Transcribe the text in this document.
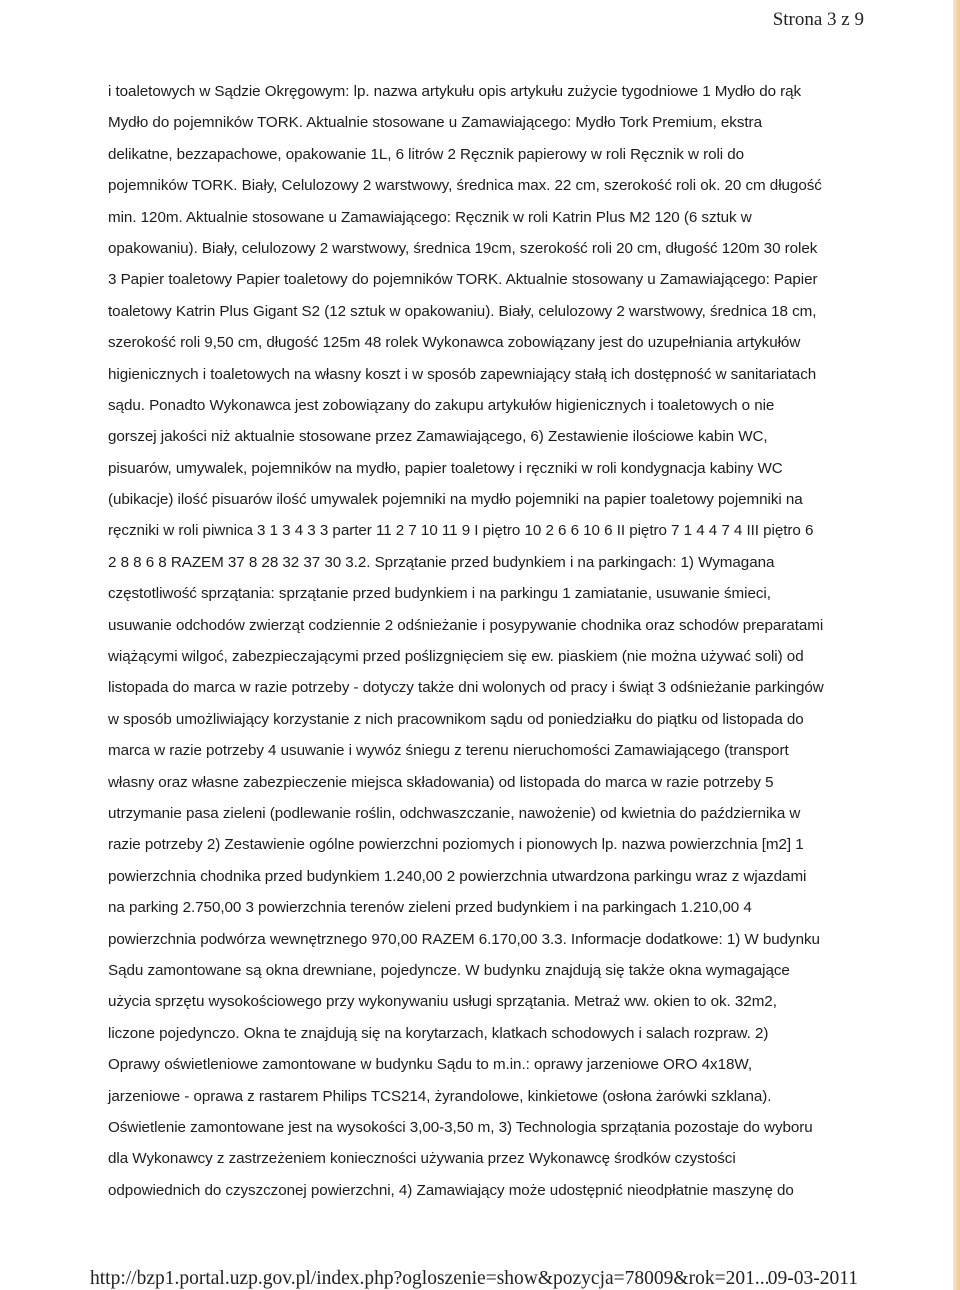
Strona 3 z 9
i toaletowych w Sądzie Okręgowym: lp. nazwa artykułu opis artykułu zużycie tygodniowe 1 Mydło do rąk
Mydło do pojemników TORK. Aktualnie stosowane u Zamawiającego: Mydło Tork Premium, ekstra
delikatne, bezzapachowe, opakowanie 1L, 6 litrów 2 Ręcznik papierowy w roli Ręcznik w roli do
pojemników TORK. Biały, Celulozowy 2 warstwowy, średnica max. 22 cm, szerokość roli ok. 20 cm długość
min. 120m. Aktualnie stosowane u Zamawiającego: Ręcznik w roli Katrin Plus M2 120 (6 sztuk w
opakowaniu). Biały, celulozowy 2 warstwowy, średnica 19cm, szerokość roli 20 cm, długość 120m 30 rolek
3 Papier toaletowy Papier toaletowy do pojemników TORK. Aktualnie stosowany u Zamawiającego: Papier
toaletowy Katrin Plus Gigant S2 (12 sztuk w opakowaniu). Biały, celulozowy 2 warstwowy, średnica 18 cm,
szerokość roli 9,50 cm, długość 125m 48 rolek Wykonawca zobowiązany jest do uzupełniania artykułów
higienicznych i toaletowych na własny koszt i w sposób zapewniający stałą ich dostępność w sanitariatach
sądu. Ponadto Wykonawca jest zobowiązany do zakupu artykułów higienicznych i toaletowych o nie
gorszej jakości niż aktualnie stosowane przez Zamawiającego, 6) Zestawienie ilościowe kabin WC,
pisuarów, umywalek, pojemników na mydło, papier toaletowy i ręczniki w roli kondygnacja kabiny WC
(ubikacje) ilość pisuarów ilość umywalek pojemniki na mydło pojemniki na papier toaletowy pojemniki na
ręczniki w roli piwnica 3 1 3 4 3 3 parter 11 2 7 10 11 9 I piętro 10 2 6 6 10 6 II piętro 7 1 4 4 7 4 III piętro 6
2 8 8 6 8 RAZEM 37 8 28 32 37 30 3.2. Sprzątanie przed budynkiem i na parkingach: 1) Wymagana
częstotliwość sprzątania: sprzątanie przed budynkiem i na parkingu 1 zamiatanie, usuwanie śmieci,
usuwanie odchodów zwierząt codziennie 2 odśnieżanie i posypywanie chodnika oraz schodów preparatami
wiążącymi wilgoć, zabezpieczającymi przed poślizgnięciem się ew. piaskiem (nie można używać soli) od
listopada do marca w razie potrzeby - dotyczy także dni wolonych od pracy i świąt 3 odśnieżanie parkingów
w sposób umożliwiający korzystanie z nich pracownikom sądu od poniedziałku do piątku od listopada do
marca w razie potrzeby 4 usuwanie i wywóz śniegu z terenu nieruchomości Zamawiającego (transport
własny oraz własne zabezpieczenie miejsca składowania) od listopada do marca w razie potrzeby 5
utrzymanie pasa zieleni (podlewanie roślin, odchwaszczanie, nawożenie) od kwietnia do października w
razie potrzeby 2) Zestawienie ogólne powierzchni poziomych i pionowych lp. nazwa powierzchnia [m2] 1
powierzchnia chodnika przed budynkiem 1.240,00 2 powierzchnia utwardzona parkingu wraz z wjazdami
na parking 2.750,00 3 powierzchnia terenów zieleni przed budynkiem i na parkingach 1.210,00 4
powierzchnia podwórza wewnętrznego 970,00 RAZEM 6.170,00 3.3. Informacje dodatkowe: 1) W budynku
Sądu zamontowane są okna drewniane, pojedyncze. W budynku znajdują się także okna wymagające
użycia sprzętu wysokościowego przy wykonywaniu usługi sprzątania. Metraż ww. okien to ok. 32m2,
liczone pojedynczo. Okna te znajdują się na korytarzach, klatkach schodowych i salach rozpraw. 2)
Oprawy oświetleniowe zamontowane w budynku Sądu to m.in.: oprawy jarzeniowe ORO 4x18W,
jarzeniowe - oprawa z rastarem Philips TCS214, żyrandolowe, kinkietowe (osłona żarówki szklana).
Oświetlenie zamontowane jest na wysokości 3,00-3,50 m, 3) Technologia sprzątania pozostaje do wyboru
dla Wykonawcy z zastrzeżeniem konieczności używania przez Wykonawcę środków czystości
odpowiednich do czyszczonej powierzchni, 4) Zamawiający może udostępnić nieodpłatnie maszynę do
http://bzp1.portal.uzp.gov.pl/index.php?ogloszenie=show&pozycja=78009&rok=201...
09-03-2011
